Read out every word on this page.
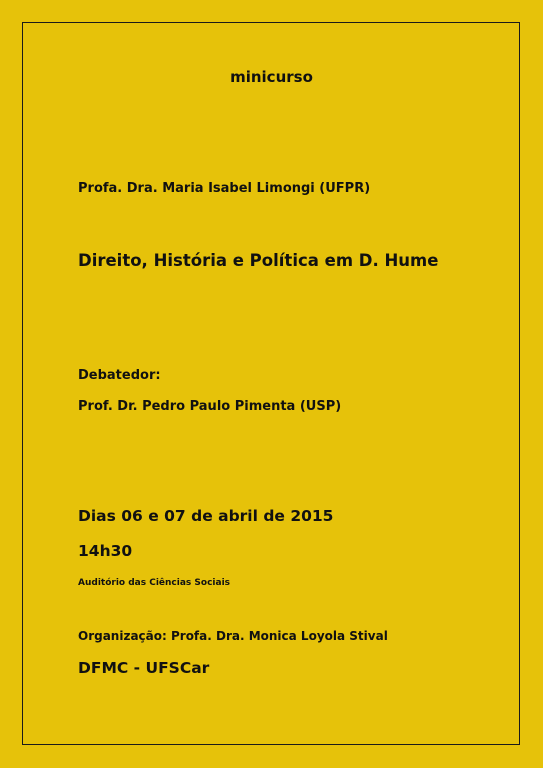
minicurso
Profa. Dra. Maria Isabel Limongi (UFPR)
Direito, História e Política em D. Hume
Debatedor:
Prof. Dr. Pedro Paulo Pimenta (USP)
Dias 06 e 07 de abril de 2015
14h30
Auditório das Ciências Sociais
Organização: Profa. Dra. Monica Loyola Stival
DFMC - UFSCar
